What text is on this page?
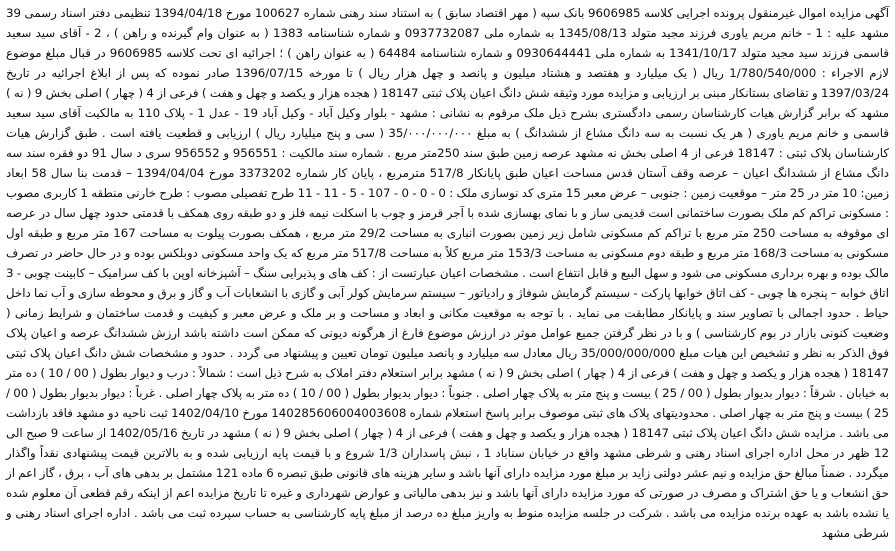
آگهی مزایده اموال غیرمنقول پرونده اجرایی کلاسه 9606985 بانک سپه ( مهر اقتصاد سابق ) به استناد سند رهنی شماره 100627 مورخ 1394/04/18 تنظیمی دفتر اسناد رسمی 39 مشهد علیه : 1 - خانم مریم یاوری فرزند مجید متولد 1345/08/13 به شماره ملی 0937732087 و شماره شناسنامه 1383 ( به عنوان وام گیرنده و راهن ) ، 2 - آقای سید سعید قاسمی فرزند سید مجید متولد 1341/10/17 به شماره ملی 0930644441 و شماره شناسنامه 64484 ( به عنوان راهن ) ؛ اجرائیه ای تحت کلاسه 9606985 در قبال مبلغ موضوع لازم الاجراء : 1/780/540/000 ریال ( یک میلیارد و هفتصد و هشتاد میلیون و پانصد و چهل هزار ریال ) تا مورخه 1396/07/15 صادر نموده که پس از ابلاغ اجرائیه در تاریخ 1397/03/24 و تقاضای بستانکار مبنی بر ارزیابی و مزایده مورد وثیقه شش دانگ اعیان پلاک ثبتی 18147 ( هجده هزار و یکصد و چهل و هفت ) فرعی از 4 ( چهار ) اصلی بخش 9 ( نه ) مشهد که برابر گزارش هیات کارشناسان رسمی دادگستری بشرح ذیل ملک مرقوم به نشانی : مشهد - بلوار وکیل آباد - وکیل آباد 19 - عدل 1 - پلاک 110 به مالکیت آقای سید سعید قاسمی و خانم مریم یاوری ( هر یک نسبت به سه دانگ مشاع از ششدانگ ) به مبلغ 35/۰۰۰/۰۰۰/۰۰۰ ( سی و پنج میلیارد ریال ) ارزیابی و قطعیت یافته است . طبق گزارش هیات کارشناسان پلاک ثبتی : 18147 فرعی از 4 اصلی بخش نه مشهد عرصه زمین طبق سند 250متر مربع . شماره سند مالکیت : 956551 و 956552 سری د سال 91 دو فقره سند سه دانگ مشاع از ششدانگ اعیان – عرصه وقف آستان قدس مساحت اعیان طبق پایانکار 517/8 مترمربع ، پایان کار شماره 3373202 مورخ 1394/04/04 – قدمت بنا سال 58 ابعاد زمین: 10 متر در 25 متر – موقعیت زمین : جنوبی – عرض معبر 15 متری کد نوسازی ملک : 0 - 0 - 0 - 107 - 5 - 11 - 11 طرح تفصیلی مصوب : طرح خارنی منطقه 1 کاربری مصوب : مسکونی تراکم کم ملک بصورت ساختمانی است قدیمی ساز و با نمای بهسازی شده با آجر قرمز و چوب با اسکلت نیمه فلز و دو طبقه روی همکف با قدمتی حدود چهل سال در عرصه ای موقوفه به مساحت 250 متر مربع با تراکم کم مسکونی شامل زیر زمین بصورت انباری به مساحت 29/2 متر مربع ، همکف بصورت پیلوت به مساحت 167 متر مربع و طبقه اول مسکونی به مساحت 168/3 متر مربع و طبقه دوم مسکونی به مساحت 153/3 متر مربع کلاً به مساحت 517/8 متر مربع که یک واحد مسکونی دوبلکس بوده و در حال حاضر در تصرف مالک بوده و بهره برداری مسکونی می شود و سهل البیع و قابل انتفاع است . مشخصات اعیان عبارتست از : کف های و پذیرایی سنگ – آشپزخانه اوپن با کف سرامیک – کابینت چوبی - 3 اتاق خوابه – پنجره ها چوبی - کف اتاق خوابها پارکت - سیستم گرمایش شوفاژ و رادیاتور – سیستم سرمایش کولر آبی و گازی با انشعابات آب و گاز و برق و محوطه سازی و آب نما داخل حیاط . حدود اجمالی با تصاویر سند و پایانکار مطابقت می نماید . با توجه به موقعیت مکانی و ابعاد و مساحت و بر ملک و عرض معبر و کیفیت و قدمت ساختمان و شرایط زمانی ( وضعیت کنونی بازار در بوم کارشناسی ) و با در نظر گرفتن جمیع عوامل موثر در ارزش موضوع فارغ از هرگونه دیونی که ممکن است داشته باشد ارزش ششدانگ عرصه و اعیان پلاک فوق الذکر به نظر و تشخیص این هیات مبلغ 35/000/000/000 ریال معادل سه میلیارد و پانصد میلیون تومان تعیین و پیشنهاد می گردد . حدود و مشخصات شش دانگ اعیان پلاک ثبتی 18147 ( هجده هزار و یکصد و چهل و هفت ) فرعی از 4 ( چهار ) اصلی بخش 9 ( نه ) مشهد برابر استعلام دفتر املاک به شرح ذیل است : شمالاً : درب و دیوار بطول ( 00 / 10 ) ده متر به خیابان . شرقاً : دیوار بدیوار بطول ( 00 / 25 ) بیست و پنج متر به پلاک چهار اصلی . جنوباً : دیوار بدیوار بطول ( 00 / 10 ) ده متر به پلاک چهار اصلی . غرباً : دیوار بدیوار بطول ( 00 / 25 ) بیست و پنج متر به چهار اصلی . محدودیتهای پلاک های ثبتی موصوف برابر پاسخ استعلام شماره 140285606004003608 مورخ 1402/04/10 ثبت ناحیه دو مشهد فاقد بازداشت می باشد . مزایده شش دانگ اعیان پلاک ثبتی 18147 ( هجده هزار و یکصد و چهل و هفت ) فرعی از 4 ( چهار ) اصلی بخش 9 ( نه ) مشهد در تاریخ 1402/05/16 از ساعت 9 صبح الی 12 ظهر در محل اداره اجرای اسناد رهنی و شرطی مشهد واقع در خیابان سناباد 1 ، نبش پاسداران 1/3 شروع و با قیمت پایه ارزیابی شده و به بالاترین قیمت پیشنهادی نقداً واگذار میگردد . ضمناً مبالغ حق مزایده و نیم عشر دولتی زاید بر مبلغ مورد مزایده دارای آنها باشد و سایر هزینه های قانونی طبق تبصره 6 ماده 121 مشتمل بر بدهی های آب ، برق ، گاز اعم از حق انشعاب و یا حق اشتراک و مصرف در صورتی که مورد مزایده دارای آنها باشد و نیز بدهی مالیاتی و عوارض شهرداری و غیره تا تاریخ مزایده اعم از اینکه رقم قطعی آن معلوم شده یا نشده باشد به عهده برنده مزایده می باشد . شرکت در جلسه مزایده منوط به واریز مبلغ ده درصد از مبلغ پایه کارشناسی به حساب سپرده ثبت می باشد . اداره اجرای اسناد رهنی و شرطی مشهد
